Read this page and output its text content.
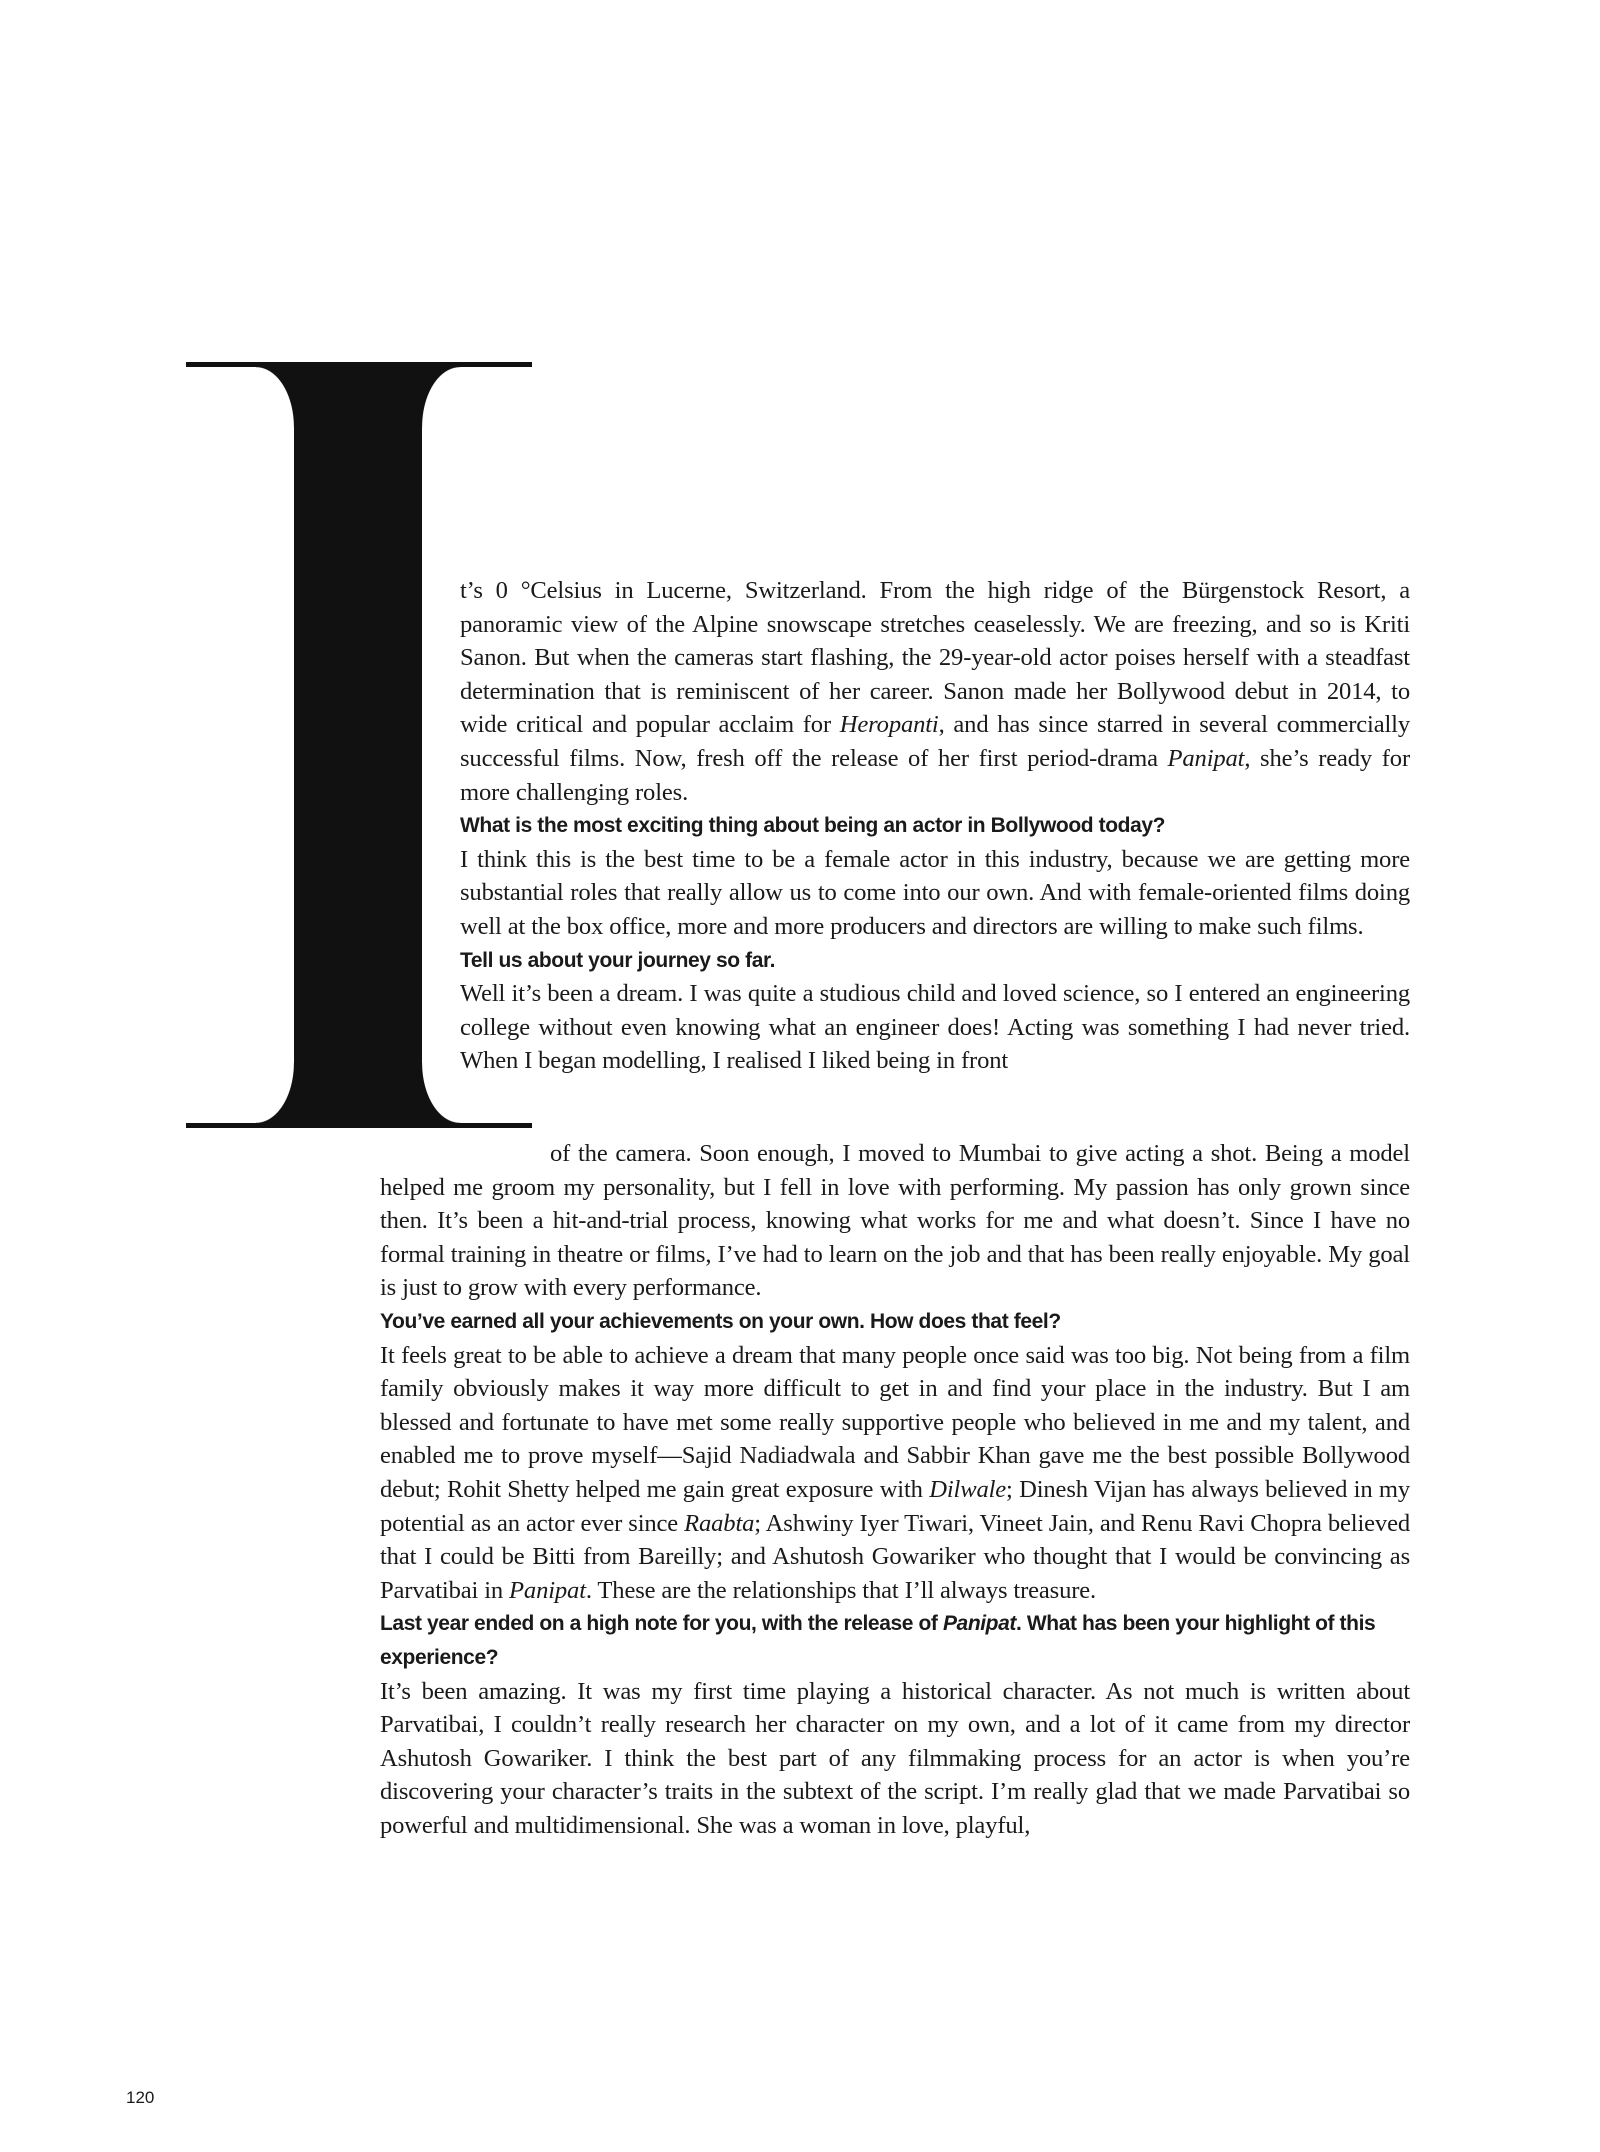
t’s 0 °Celsius in Lucerne, Switzerland. From the high ridge of the Bürgenstock Resort, a panoramic view of the Alpine snowscape stretches ceaselessly. We are freezing, and so is Kriti Sanon. But when the cameras start flashing, the 29-year-old actor poises herself with a steadfast determination that is reminiscent of her career. Sanon made her Bollywood debut in 2014, to wide critical and popular acclaim for Heropanti, and has since starred in several commercially successful films. Now, fresh off the release of her first period-drama Panipat, she’s ready for more challenging roles.

What is the most exciting thing about being an actor in Bollywood today?

I think this is the best time to be a female actor in this industry, because we are getting more substantial roles that really allow us to come into our own. And with female-oriented films doing well at the box office, more and more producers and directors are willing to make such films.

Tell us about your journey so far.

Well it’s been a dream. I was quite a studious child and loved science, so I entered an engineering college without even knowing what an engineer does! Acting was something I had never tried. When I began modelling, I realised I liked being in front

of the camera. Soon enough, I moved to Mumbai to give acting a shot. Being a model helped me groom my personality, but I fell in love with performing. My passion has only grown since then. It’s been a hit-and-trial process, knowing what works for me and what doesn’t. Since I have no formal training in theatre or films, I’ve had to learn on the job and that has been really enjoyable. My goal is just to grow with every performance.

You’ve earned all your achievements on your own. How does that feel?

It feels great to be able to achieve a dream that many people once said was too big. Not being from a film family obviously makes it way more difficult to get in and find your place in the industry. But I am blessed and fortunate to have met some really supportive people who believed in me and my talent, and enabled me to prove myself—Sajid Nadiadwala and Sabbir Khan gave me the best possible Bollywood debut; Rohit Shetty helped me gain great exposure with Dilwale; Dinesh Vijan has always believed in my potential as an actor ever since Raabta; Ashwiny Iyer Tiwari, Vineet Jain, and Renu Ravi Chopra believed that I could be Bitti from Bareilly; and Ashutosh Gowariker who thought that I would be convincing as Parvatibai in Panipat. These are the relationships that I’ll always treasure.

Last year ended on a high note for you, with the release of Panipat. What has been your highlight of this experience?

It’s been amazing. It was my first time playing a historical character. As not much is written about Parvatibai, I couldn’t really research her character on my own, and a lot of it came from my director Ashutosh Gowariker. I think the best part of any filmmaking process for an actor is when you’re discovering your character’s traits in the subtext of the script. I’m really glad that we made Parvatibai so powerful and multidimensional. She was a woman in love, playful,

120
